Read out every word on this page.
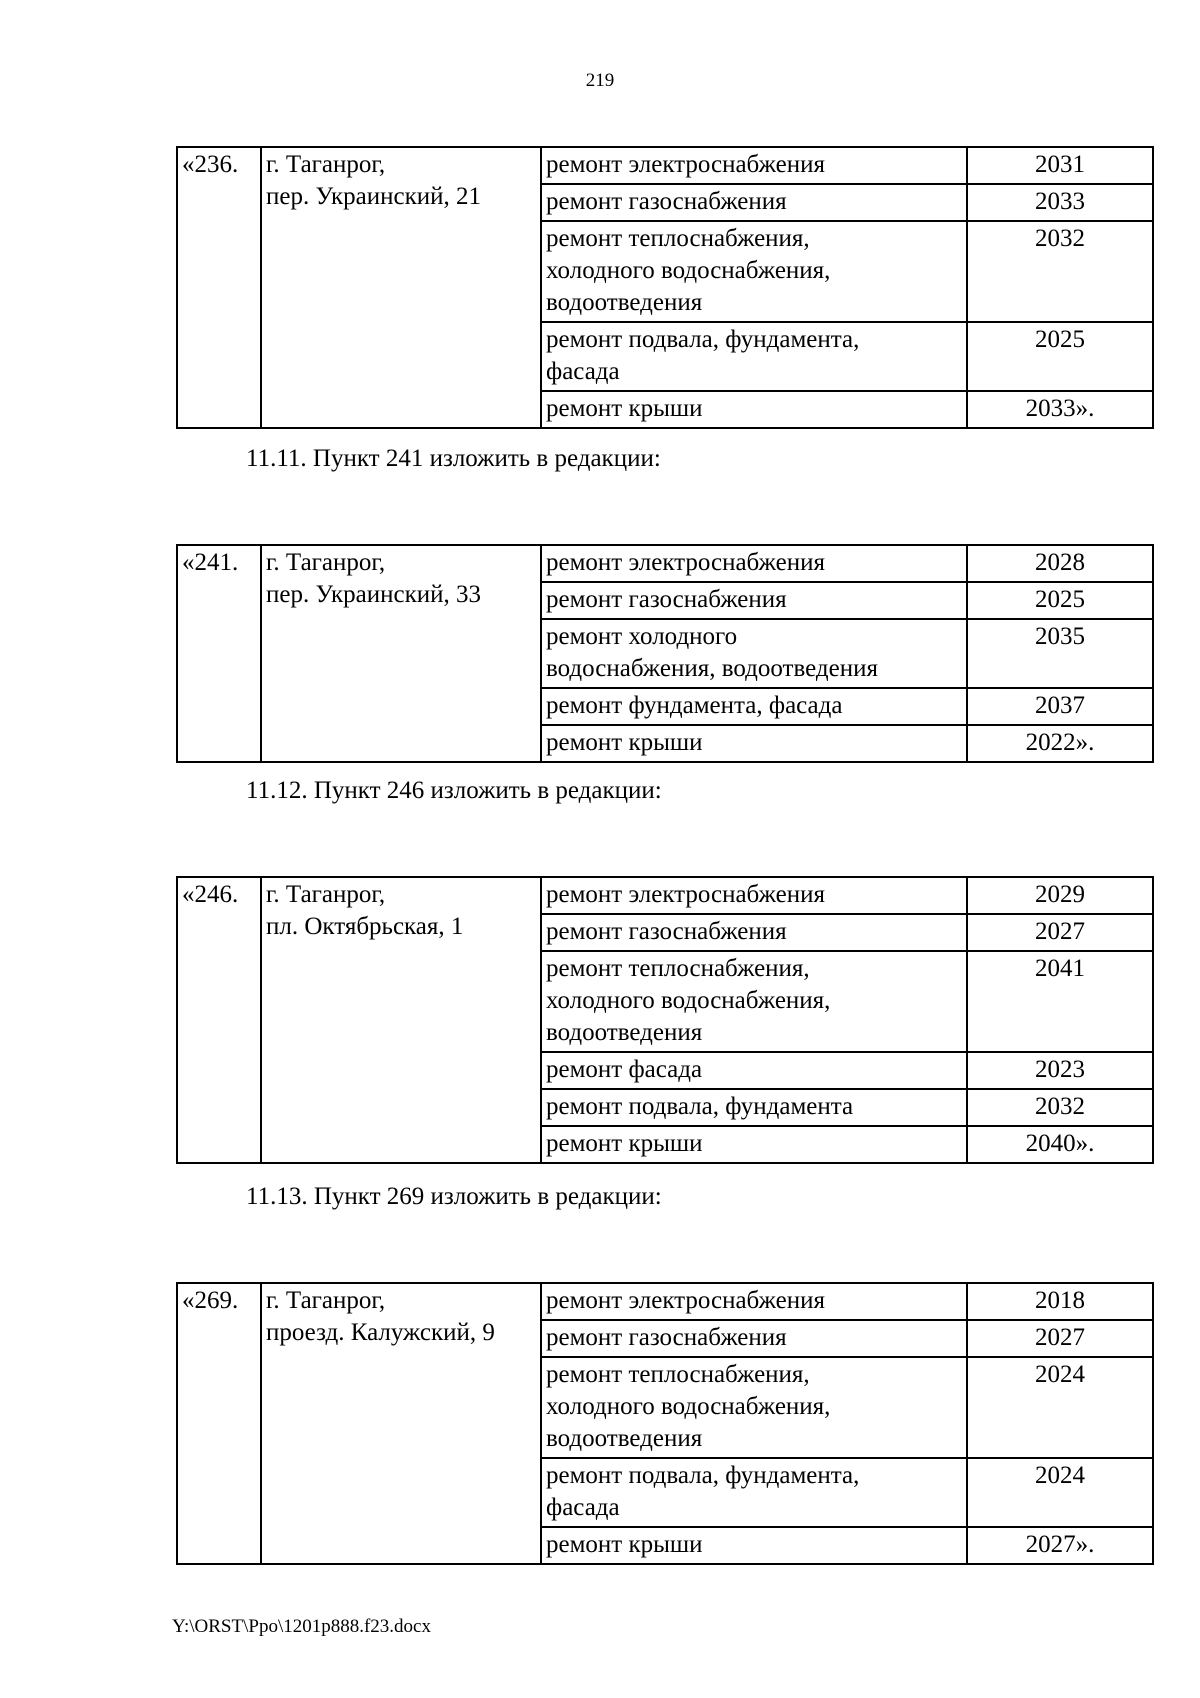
219
11.11. Пункт 241 изложить в редакции:
11.12. Пункт 246 изложить в редакции:
11.13. Пункт 269 изложить в редакции:
«236.	г. Таганрог,
пер. Украинский, 21	ремонт электроснабжения	2031
		ремонт газоснабжения	2033
		ремонт теплоснабжения,
холодного водоснабжения,
водоотведения	2032
		ремонт подвала, фундамента,
фасада	2025
		ремонт крыши	2033».
«241.	г. Таганрог,
пер. Украинский, 33	ремонт электроснабжения	2028
		ремонт газоснабжения	2025
		ремонт холодного
водоснабжения, водоотведения	2035
		ремонт фундамента, фасада	2037
		ремонт крыши	2022».
«246.	г. Таганрог,
пл. Октябрьская, 1	ремонт электроснабжения	2029
		ремонт газоснабжения	2027
		ремонт теплоснабжения,
холодного водоснабжения,
водоотведения	2041
		ремонт фасада	2023
		ремонт подвала, фундамента	2032
		ремонт крыши	2040».
«269.	г. Таганрог,
проезд. Калужский, 9	ремонт электроснабжения	2018
		ремонт газоснабжения	2027
		ремонт теплоснабжения,
холодного водоснабжения,
водоотведения	2024
		ремонт подвала, фундамента,
фасада	2024
		ремонт крыши	2027».
Y:\ORST\Ppo\1201p888.f23.docx
